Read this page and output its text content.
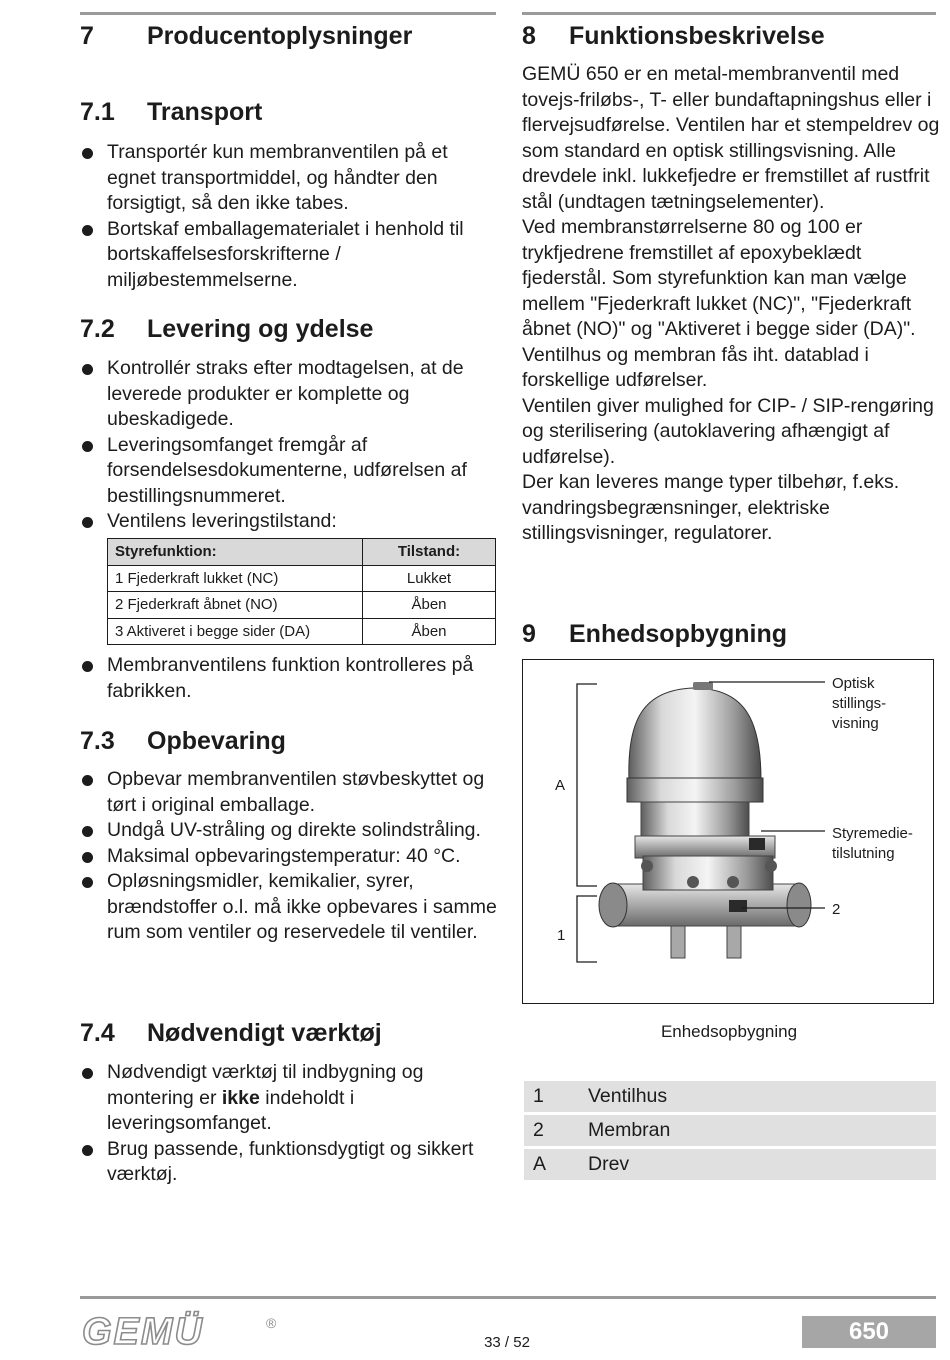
7 Producentoplysninger
7.1 Transport
Transportér kun membranventilen på et egnet transportmiddel, og håndter den forsigtigt, så den ikke tabes.
Bortskaf emballagematerialet i henhold til bortskaffelsesforskrifterne / miljøbestemmelserne.
7.2 Levering og ydelse
Kontrollér straks efter modtagelsen, at de leverede produkter er komplette og ubeskadigede.
Leveringsomfanget fremgår af forsendelsesdokumenterne, udførelsen af bestillingsnummeret.
Ventilens leveringstilstand:
Styrefunktion:	Tilstand:
1 Fjederkraft lukket (NC)	Lukket
2 Fjederkraft åbnet (NO)	Åben
3 Aktiveret i begge sider (DA)	Åben
Membranventilens funktion kontrolleres på fabrikken.
7.3 Opbevaring
Opbevar membranventilen støvbeskyttet og tørt i original emballage.
Undgå UV-stråling og direkte solindstråling.
Maksimal opbevaringstemperatur: 40 °C.
Opløsningsmidler, kemikalier, syrer, brændstoffer o.l. må ikke opbevares i samme rum som ventiler og reservedele til ventiler.
7.4 Nødvendigt værktøj
Nødvendigt værktøj til indbygning og montering er ikke indeholdt i leveringsomfanget.
Brug passende, funktionsdygtigt og sikkert værktøj.
8 Funktionsbeskrivelse

GEMÜ 650 er en metal-membranventil med tovejs-friløbs-, T- eller bundaftapningshus eller i flervejsudførelse. Ventilen har et stempeldrev og som standard en optisk stillingsvisning. Alle drevdele inkl. lukkefjedre er fremstillet af rustfrit stål (undtagen tætningselementer).

Ved membranstørrelserne 80 og 100 er trykfjedrene fremstillet af epoxybeklædt fjederstål. Som styrefunktion kan man vælge mellem "Fjederkraft lukket (NC)", "Fjederkraft åbnet (NO)" og "Aktiveret i begge sider (DA)". Ventilhus og membran fås iht. datablad i forskellige udførelser.

Ventilen giver mulighed for CIP- / SIP-rengøring og sterilisering (autoklavering afhængigt af udførelse).

Der kan leveres mange typer tilbehør, f.eks. vandringsbegrænsninger, elektriske stillingsvisninger, regulatorer.

9 Enhedsopbygning
Optisk
stillings-
visning
Styremedie-
tilslutning
2
A
1
Enhedsopbygning
1	Ventilhus
2	Membran
A	Drev
GEMÜ	®
33 / 52	650
